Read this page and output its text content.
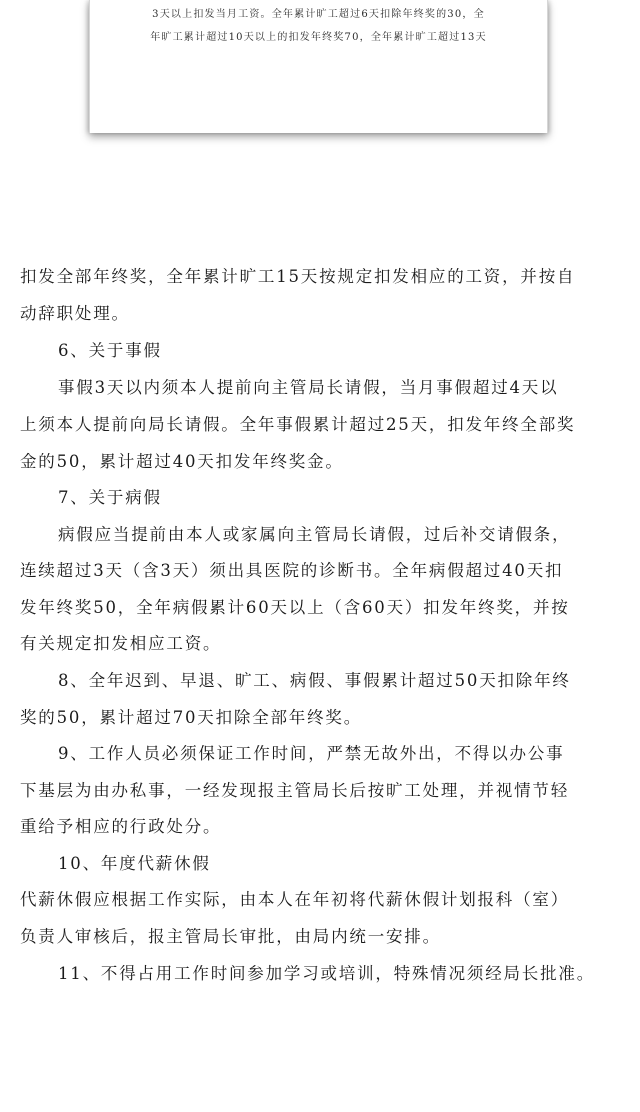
3天以上扣发当月工资。全年累计旷工超过6天扣除年终奖的30，全
年旷工累计超过10天以上的扣发年终奖70，全年累计旷工超过13天

扣发全部年终奖，全年累计旷工15天按规定扣发相应的工资，并按自

动辞职处理。

6、关于事假

事假3天以内须本人提前向主管局长请假，当月事假超过4天以

上须本人提前向局长请假。全年事假累计超过25天，扣发年终全部奖

金的50，累计超过40天扣发年终奖金。

7、关于病假

病假应当提前由本人或家属向主管局长请假，过后补交请假条，

连续超过3天（含3天）须出具医院的诊断书。全年病假超过40天扣

发年终奖50，全年病假累计60天以上（含60天）扣发年终奖，并按

有关规定扣发相应工资。

8、全年迟到、早退、旷工、病假、事假累计超过50天扣除年终

奖的50，累计超过70天扣除全部年终奖。

9、工作人员必须保证工作时间，严禁无故外出，不得以办公事

下基层为由办私事，一经发现报主管局长后按旷工处理，并视情节轻

重给予相应的行政处分。

10、年度代薪休假

代薪休假应根据工作实际，由本人在年初将代薪休假计划报科（室）

负责人审核后，报主管局长审批，由局内统一安排。

11、不得占用工作时间参加学习或培训，特殊情况须经局长批准。
